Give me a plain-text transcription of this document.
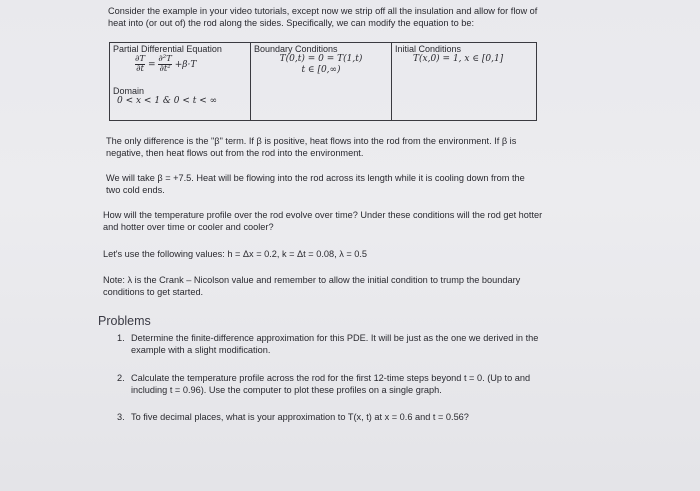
Consider the example in your video tutorials, except now we strip off all the insulation and allow for flow of heat into (or out of) the rod along the sides. Specifically, we can modify the equation to be:
Partial Differential Equation
$\frac{\partial T}{\partial t} = \frac{\text{∂²T}}{\text{∂t²}} +\beta\cdot T$
Domain
0 < x < 1 & 0 < t < ∞

Boundary Conditions
T(0,t) = 0 = T(1,t)
t ∈ [0,∞)

Initial Conditions
T(x,0) = 1, x ∈ [0,1]
The only difference is the "β" term. If β is positive, heat flows into the rod from the environment. If β is negative, then heat flows out from the rod into the environment.
We will take β = +7.5. Heat will be flowing into the rod across its length while it is cooling down from the two cold ends.
How will the temperature profile over the rod evolve over time? Under these conditions will the rod get hotter and hotter over time or cooler and cooler?
Let's use the following values: h = Δx = 0.2, k = Δt = 0.08, λ = 0.5
Note: λ is the Crank – Nicolson value and remember to allow the initial condition to trump the boundary conditions to get started.
Problems
1. Determine the finite-difference approximation for this PDE. It will be just as the one we derived in the example with a slight modification.
2. Calculate the temperature profile across the rod for the first 12-time steps beyond t = 0. (Up to and including t = 0.96). Use the computer to plot these profiles on a single graph.
3. To five decimal places, what is your approximation to T(x, t) at x = 0.6 and t = 0.56?
